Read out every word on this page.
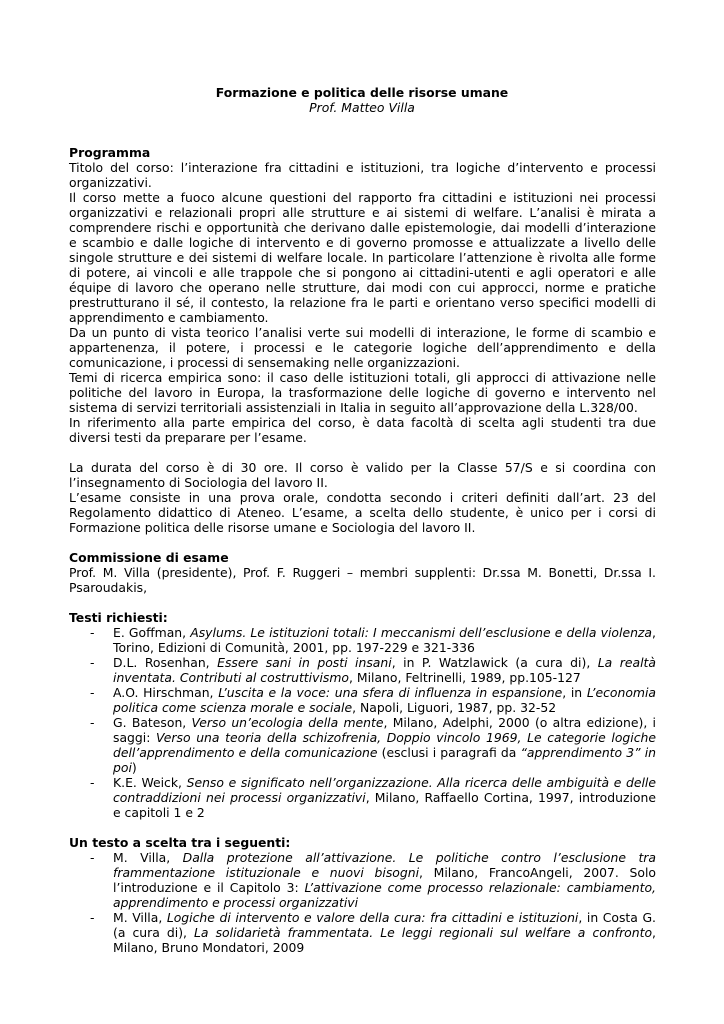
Formazione e politica delle risorse umane
Prof. Matteo Villa

Programma

Titolo del corso: l’interazione fra cittadini e istituzioni, tra logiche d’intervento e processi organizzativi.

Il corso mette a fuoco alcune questioni del rapporto fra cittadini e istituzioni nei processi organizzativi e relazionali propri alle strutture e ai sistemi di welfare. L’analisi è mirata a comprendere rischi e opportunità che derivano dalle epistemologie, dai modelli d’interazione e scambio e dalle logiche di intervento e di governo promosse e attualizzate a livello delle singole strutture e dei sistemi di welfare locale. In particolare l’attenzione è rivolta alle forme di potere, ai vincoli e alle trappole che si pongono ai cittadini-utenti e agli operatori e alle équipe di lavoro che operano nelle strutture, dai modi con cui approcci, norme e pratiche prestrutturano il sé, il contesto, la relazione fra le parti e orientano verso specifici modelli di apprendimento e cambiamento.

Da un punto di vista teorico l’analisi verte sui modelli di interazione, le forme di scambio e appartenenza, il potere, i processi e le categorie logiche dell’apprendimento e della comunicazione, i processi di sensemaking nelle organizzazioni.

Temi di ricerca empirica sono: il caso delle istituzioni totali, gli approcci di attivazione nelle politiche del lavoro in Europa, la trasformazione delle logiche di governo e intervento nel sistema di servizi territoriali assistenziali in Italia in seguito all’approvazione della L.328/00.

In riferimento alla parte empirica del corso, è data facoltà di scelta agli studenti tra due diversi testi da preparare per l’esame.

La durata del corso è di 30 ore. Il corso è valido per la Classe 57/S e si coordina con l’insegnamento di Sociologia del lavoro II.

L’esame consiste in una prova orale, condotta secondo i criteri definiti dall’art. 23 del Regolamento didattico di Ateneo. L’esame, a scelta dello studente, è unico per i corsi di Formazione politica delle risorse umane e Sociologia del lavoro II.

Commissione di esame

Prof. M. Villa (presidente), Prof. F. Ruggeri – membri supplenti: Dr.ssa M. Bonetti, Dr.ssa I. Psaroudakis,

Testi richiesti:

- E. Goffman, Asylums. Le istituzioni totali: I meccanismi dell’esclusione e della violenza, Torino, Edizioni di Comunità, 2001, pp. 197-229 e 321-336
- D.L. Rosenhan, Essere sani in posti insani, in P. Watzlawick (a cura di), La realtà inventata. Contributi al costruttivismo, Milano, Feltrinelli, 1989, pp.105-127
- A.O. Hirschman, L’uscita e la voce: una sfera di influenza in espansione, in L’economia politica come scienza morale e sociale, Napoli, Liguori, 1987, pp. 32-52
- G. Bateson, Verso un’ecologia della mente, Milano, Adelphi, 2000 (o altra edizione), i saggi: Verso una teoria della schizofrenia, Doppio vincolo 1969, Le categorie logiche dell’apprendimento e della comunicazione (esclusi i paragrafi da “apprendimento 3” in poi)
- K.E. Weick, Senso e significato nell’organizzazione. Alla ricerca delle ambiguità e delle contraddizioni nei processi organizzativi, Milano, Raffaello Cortina, 1997, introduzione e capitoli 1 e 2

Un testo a scelta tra i seguenti:

- M. Villa, Dalla protezione all’attivazione. Le politiche contro l’esclusione tra frammentazione istituzionale e nuovi bisogni, Milano, FrancoAngeli, 2007. Solo l’introduzione e il Capitolo 3: L’attivazione come processo relazionale: cambiamento, apprendimento e processi organizzativi
- M. Villa, Logiche di intervento e valore della cura: fra cittadini e istituzioni, in Costa G. (a cura di), La solidarietà frammentata. Le leggi regionali sul welfare a confronto, Milano, Bruno Mondatori, 2009
